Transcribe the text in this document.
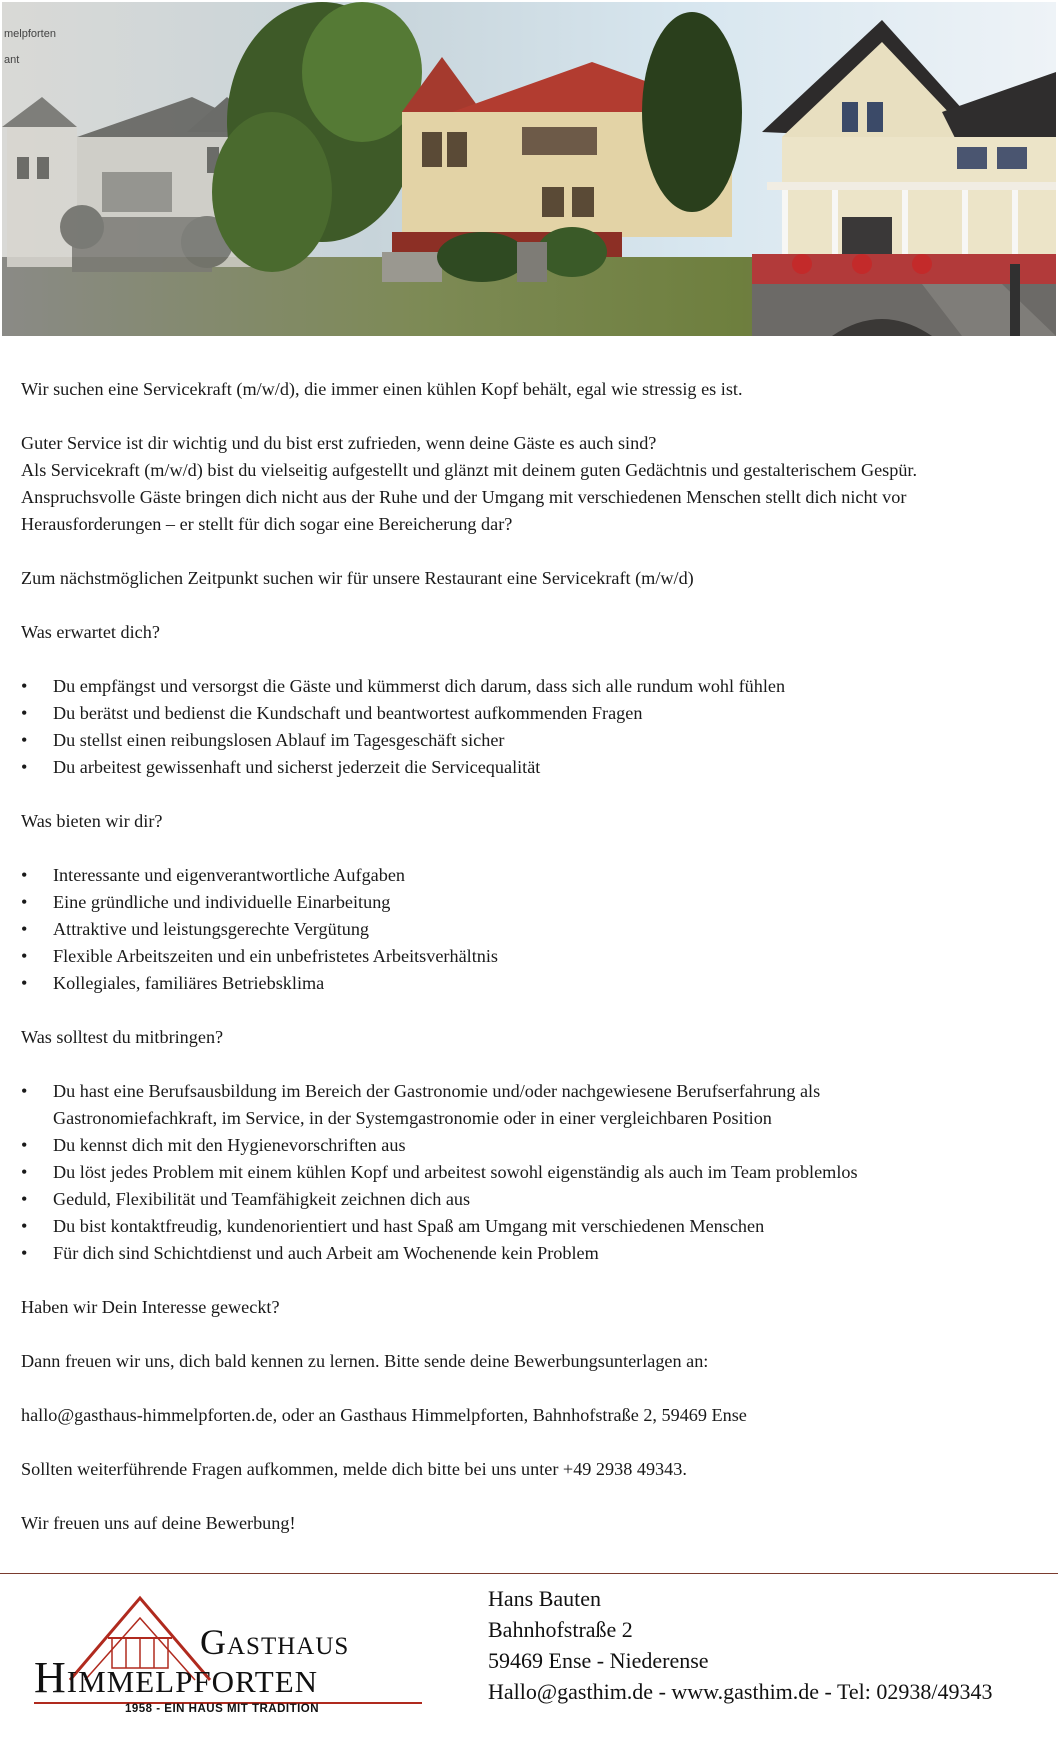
melpforten
ant

Wir suchen eine Servicekraft (m/w/d), die immer einen kühlen Kopf behält, egal wie stressig es ist.

Guter Service ist dir wichtig und du bist erst zufrieden, wenn deine Gäste es auch sind?

Als Servicekraft (m/w/d) bist du vielseitig aufgestellt und glänzt mit deinem guten Gedächtnis und gestalterischem Gespür.

Anspruchsvolle Gäste bringen dich nicht aus der Ruhe und der Umgang mit verschiedenen Menschen stellt dich nicht vor

Herausforderungen – er stellt für dich sogar eine Bereicherung dar?

Zum nächstmöglichen Zeitpunkt suchen wir für unsere Restaurant eine Servicekraft (m/w/d)

Was erwartet dich?

• Du empfängst und versorgst die Gäste und kümmerst dich darum, dass sich alle rundum wohl fühlen
• Du berätst und bedienst die Kundschaft und beantwortest aufkommenden Fragen
• Du stellst einen reibungslosen Ablauf im Tagesgeschäft sicher
• Du arbeitest gewissenhaft und sicherst jederzeit die Servicequalität

Was bieten wir dir?

• Interessante und eigenverantwortliche Aufgaben
• Eine gründliche und individuelle Einarbeitung
• Attraktive und leistungsgerechte Vergütung
• Flexible Arbeitszeiten und ein unbefristetes Arbeitsverhältnis
• Kollegiales, familiäres Betriebsklima

Was solltest du mitbringen?

• Du hast eine Berufsausbildung im Bereich der Gastronomie und/oder nachgewiesene Berufserfahrung als
Gastronomiefachkraft, im Service, in der Systemgastronomie oder in einer vergleichbaren Position
• Du kennst dich mit den Hygienevorschriften aus
• Du löst jedes Problem mit einem kühlen Kopf und arbeitest sowohl eigenständig als auch im Team problemlos
• Geduld, Flexibilität und Teamfähigkeit zeichnen dich aus
• Du bist kontaktfreudig, kundenorientiert und hast Spaß am Umgang mit verschiedenen Menschen
• Für dich sind Schichtdienst und auch Arbeit am Wochenende kein Problem

Haben wir Dein Interesse geweckt?

Dann freuen wir uns, dich bald kennen zu lernen. Bitte sende deine Bewerbungsunterlagen an:

hallo@gasthaus-himmelpforten.de, oder an Gasthaus Himmelpforten, Bahnhofstraße 2, 59469 Ense

Sollten weiterführende Fragen aufkommen, melde dich bitte bei uns unter +49 2938 49343.

Wir freuen uns auf deine Bewerbung!

Gasthaus
Himmelpforten
1958 - EIN HAUS MIT TRADITION

Hans Bauten

Bahnhofstraße 2

59469 Ense - Niederense

Hallo@gasthim.de - www.gasthim.de - Tel: 02938/49343
